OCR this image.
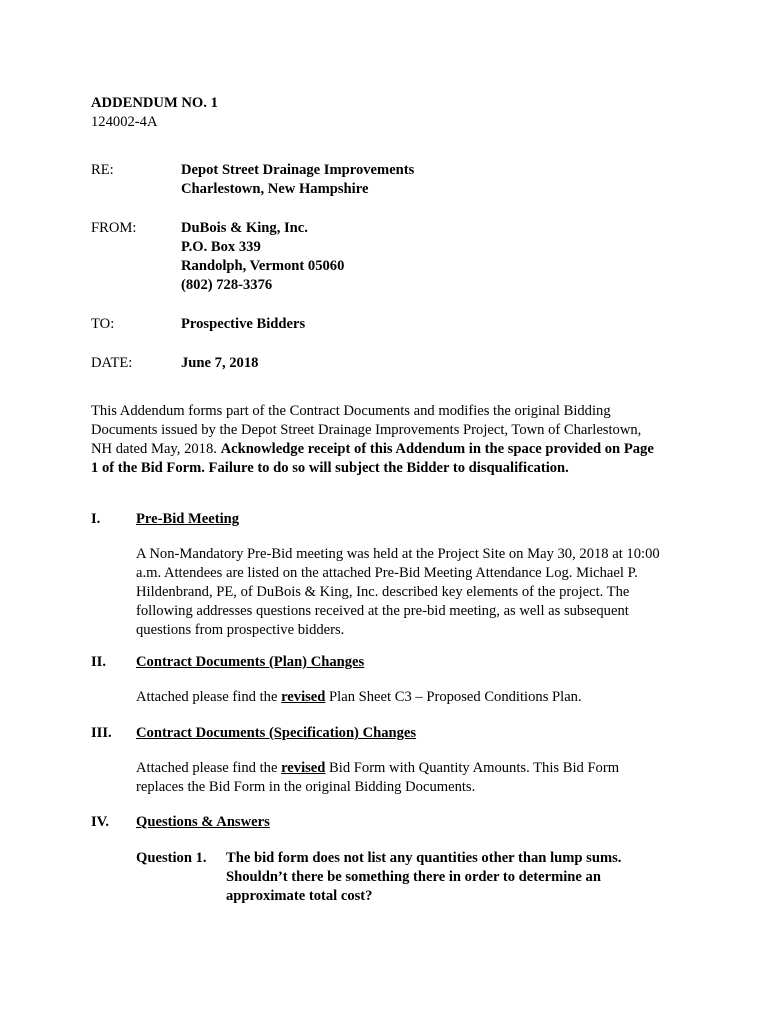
ADDENDUM NO. 1
124002-4A
RE:	Depot Street Drainage Improvements
Charlestown, New Hampshire
FROM:	DuBois & King, Inc.
P.O. Box 339
Randolph, Vermont 05060
(802) 728-3376
TO:	Prospective Bidders
DATE:	June 7, 2018
This Addendum forms part of the Contract Documents and modifies the original Bidding
Documents issued by the Depot Street Drainage Improvements Project, Town of Charlestown,
NH dated May, 2018. Acknowledge receipt of this Addendum in the space provided on Page
1 of the Bid Form. Failure to do so will subject the Bidder to disqualification.
I. Pre-Bid Meeting
A Non-Mandatory Pre-Bid meeting was held at the Project Site on May 30, 2018 at 10:00
a.m. Attendees are listed on the attached Pre-Bid Meeting Attendance Log. Michael P.
Hildenbrand, PE, of DuBois & King, Inc. described key elements of the project. The
following addresses questions received at the pre-bid meeting, as well as subsequent
questions from prospective bidders.
II. Contract Documents (Plan) Changes
Attached please find the revised Plan Sheet C3 – Proposed Conditions Plan.
III. Contract Documents (Specification) Changes
Attached please find the revised Bid Form with Quantity Amounts. This Bid Form
replaces the Bid Form in the original Bidding Documents.
IV. Questions & Answers
Question 1. The bid form does not list any quantities other than lump sums.
Shouldn’t there be something there in order to determine an
approximate total cost?
